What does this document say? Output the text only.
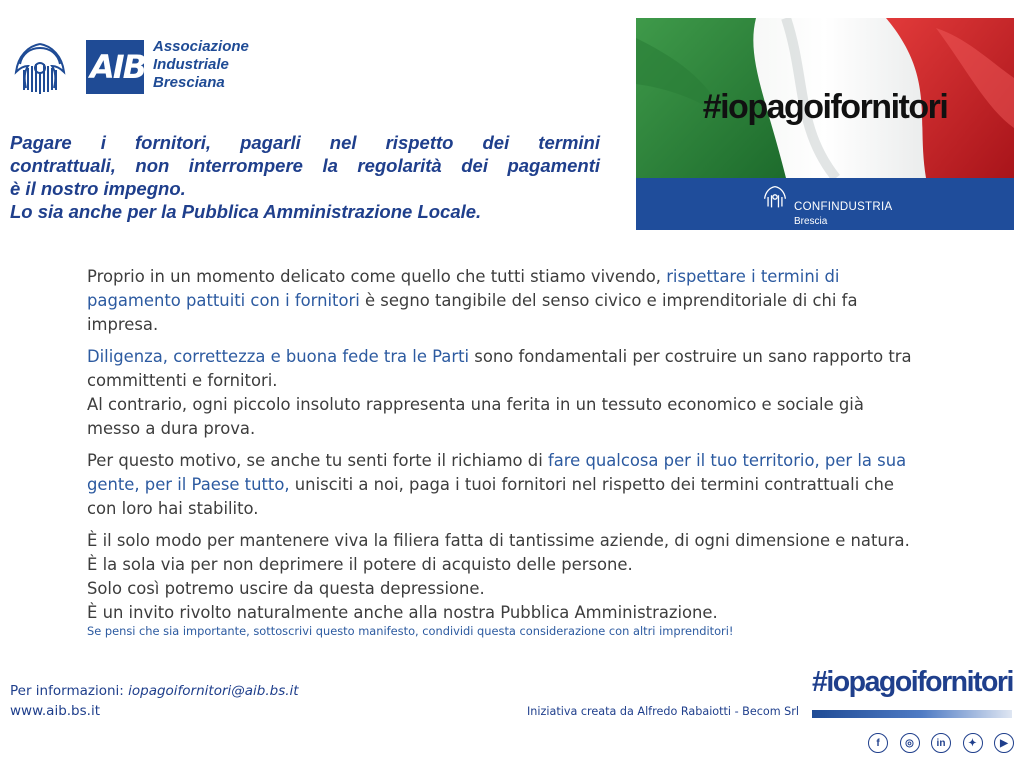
AIB
Associazione
Industriale
Bresciana
Pagare i fornitori, pagarli nel rispetto dei termini
contrattuali, non interrompere la regolarità dei pagamenti
è il nostro impegno.
Lo sia anche per la Pubblica Amministrazione Locale.
#iopagoifornitori
CONFINDUSTRIA
Brescia

Proprio in un momento delicato come quello che tutti stiamo vivendo, rispettare i termini di pagamento pattuiti con i fornitori è segno tangibile del senso civico e imprenditoriale di chi fa impresa.

Diligenza, correttezza e buona fede tra le Parti sono fondamentali per costruire un sano rapporto tra committenti e fornitori.
Al contrario, ogni piccolo insoluto rappresenta una ferita in un tessuto economico e sociale già messo a dura prova.

Per questo motivo, se anche tu senti forte il richiamo di fare qualcosa per il tuo territorio, per la sua gente, per il Paese tutto, unisciti a noi, paga i tuoi fornitori nel rispetto dei termini contrattuali che con loro hai stabilito.

È il solo modo per mantenere viva la filiera fatta di tantissime aziende, di ogni dimensione e natura.
È la sola via per non deprimere il potere di acquisto delle persone.
Solo così potremo uscire da questa depressione.
È un invito rivolto naturalmente anche alla nostra Pubblica Amministrazione.

Se pensi che sia importante, sottoscrivi questo manifesto, condividi questa considerazione con altri imprenditori!
Per informazioni: iopagoifornitori@aib.bs.it
www.aib.bs.it	Iniziativa creata da Alfredo Rabaiotti - Becom Srl
#iopagoifornitori
f	◎	in	✦	▶
